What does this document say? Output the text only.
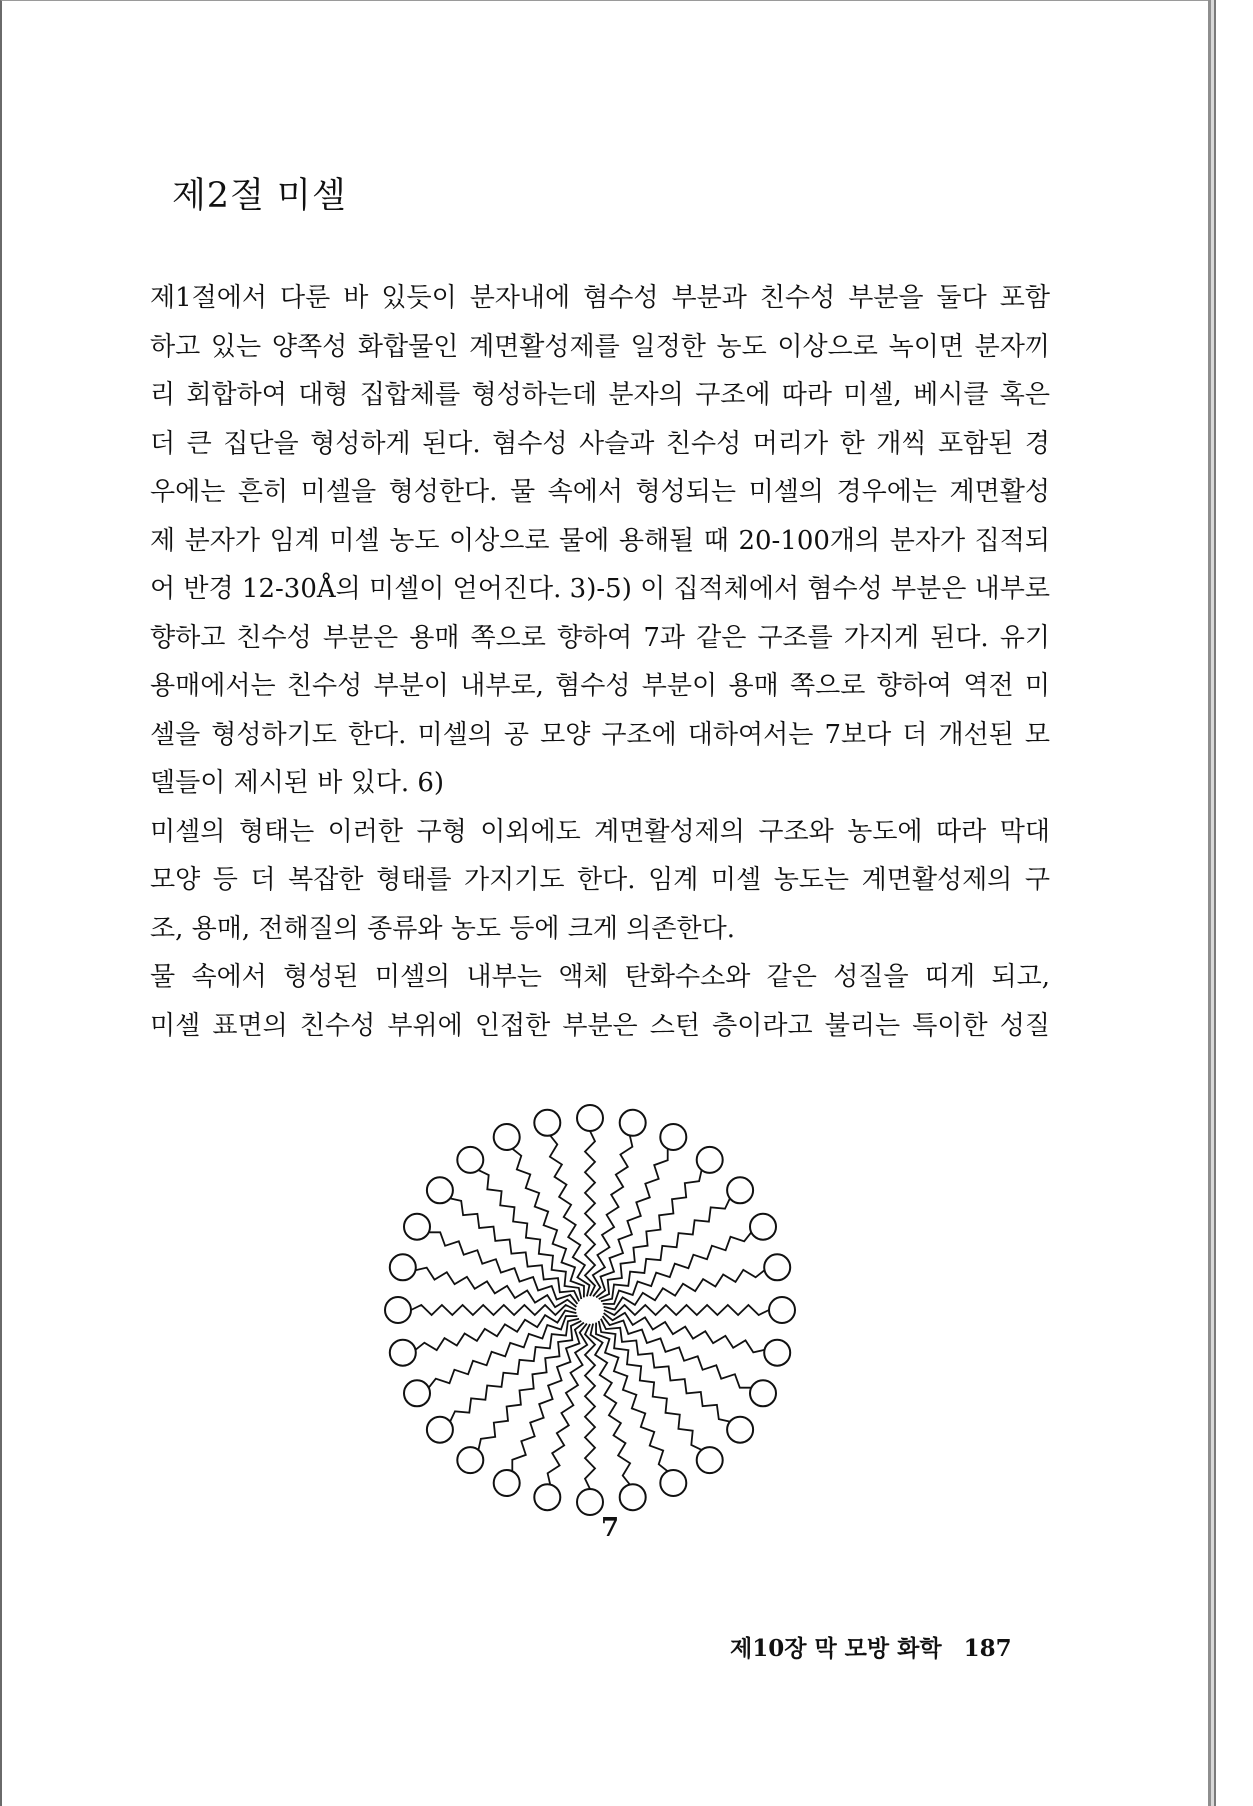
제2절 미셀
제1절에서 다룬 바 있듯이 분자내에 혐수성 부분과 친수성 부분을 둘다 포함
하고 있는 양쪽성 화합물인 계면활성제를 일정한 농도 이상으로 녹이면 분자끼
리 회합하여 대형 집합체를 형성하는데 분자의 구조에 따라 미셀, 베시클 혹은
더 큰 집단을 형성하게 된다. 혐수성 사슬과 친수성 머리가 한 개씩 포함된 경
우에는 흔히 미셀을 형성한다. 물 속에서 형성되는 미셀의 경우에는 계면활성
제 분자가 임계 미셀 농도 이상으로 물에 용해될 때 20-100개의 분자가 집적되
어 반경 12-30Å의 미셀이 얻어진다. 3)-5) 이 집적체에서 혐수성 부분은 내부로
향하고 친수성 부분은 용매 쪽으로 향하여 7과 같은 구조를 가지게 된다. 유기
용매에서는 친수성 부분이 내부로, 혐수성 부분이 용매 쪽으로 향하여 역전 미
셀을 형성하기도 한다. 미셀의 공 모양 구조에 대하여서는 7보다 더 개선된 모
델들이 제시된 바 있다. 6)
미셀의 형태는 이러한 구형 이외에도 계면활성제의 구조와 농도에 따라 막대
모양 등 더 복잡한 형태를 가지기도 한다. 임계 미셀 농도는 계면활성제의 구
조, 용매, 전해질의 종류와 농도 등에 크게 의존한다.
물 속에서 형성된 미셀의 내부는 액체 탄화수소와 같은 성질을 띠게 되고,
미셀 표면의 친수성 부위에 인접한 부분은 스턴 층이라고 불리는 특이한 성질
7
제10장 막 모방 화학 187
